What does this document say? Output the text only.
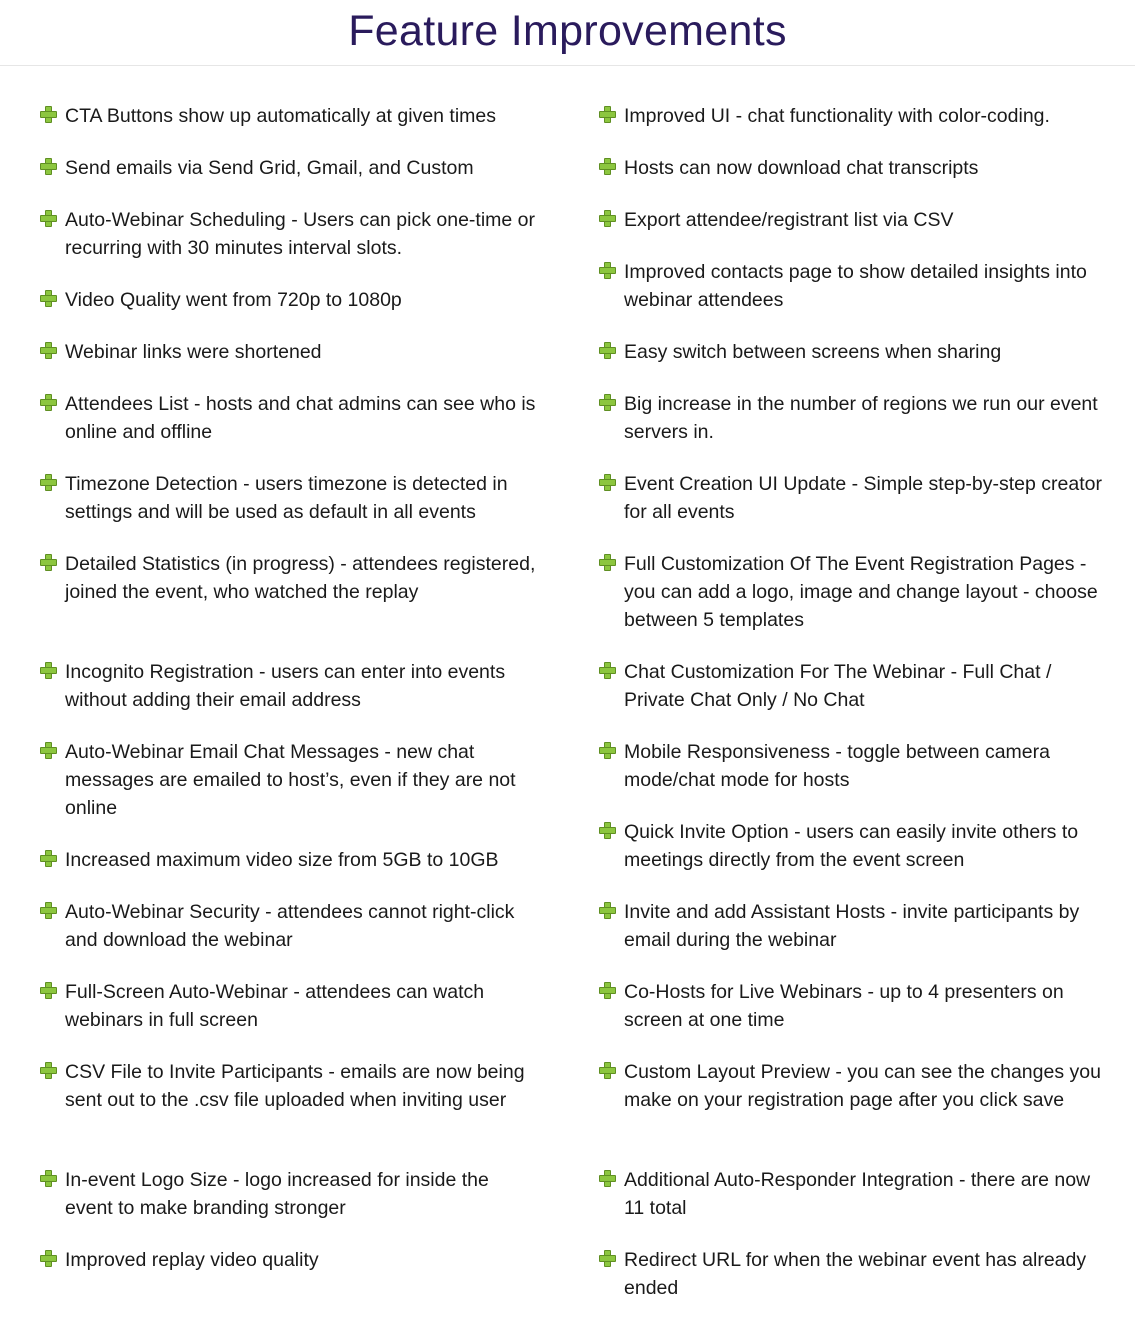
Feature Improvements
CTA Buttons show up automatically at given times
Send emails via Send Grid, Gmail, and Custom
Auto-Webinar Scheduling - Users can pick one-time or recurring with 30 minutes interval slots.
Video Quality went from 720p to 1080p
Webinar links were shortened
Attendees List - hosts and chat admins can see who is online and offline
Timezone Detection - users timezone is detected in settings and will be used as default in all events
Detailed Statistics (in progress) - attendees registered, joined the event, who watched the replay
Incognito Registration - users can enter into events without adding their email address
Auto-Webinar Email Chat Messages - new chat messages are emailed to host’s, even if they are not online
Increased maximum video size from 5GB to 10GB
Auto-Webinar Security - attendees cannot right-click and download the webinar
Full-Screen Auto-Webinar - attendees can watch webinars in full screen
CSV File to Invite Participants - emails are now being sent out to the .csv file uploaded when inviting user
In-event Logo Size - logo increased for inside the event to make branding stronger
Improved replay video quality
Improved UI - chat functionality with color-coding.
Hosts can now download chat transcripts
Export attendee/registrant list via CSV
Improved contacts page to show detailed insights into webinar attendees
Easy switch between screens when sharing
Big increase in the number of regions we run our event servers in.
Event Creation UI Update - Simple step-by-step creator for all events
Full Customization Of The Event Registration Pages - you can add a logo, image and change layout - choose between 5 templates
Chat Customization For The Webinar - Full Chat / Private Chat Only / No Chat
Mobile Responsiveness - toggle between camera mode/chat mode for hosts
Quick Invite Option - users can easily invite others to meetings directly from the event screen
Invite and add Assistant Hosts - invite participants by email during the webinar
Co-Hosts for Live Webinars - up to 4 presenters on screen at one time
Custom Layout Preview - you can see the changes you make on your registration page after you click save
Additional Auto-Responder Integration - there are now 11 total
Redirect URL for when the webinar event has already ended
